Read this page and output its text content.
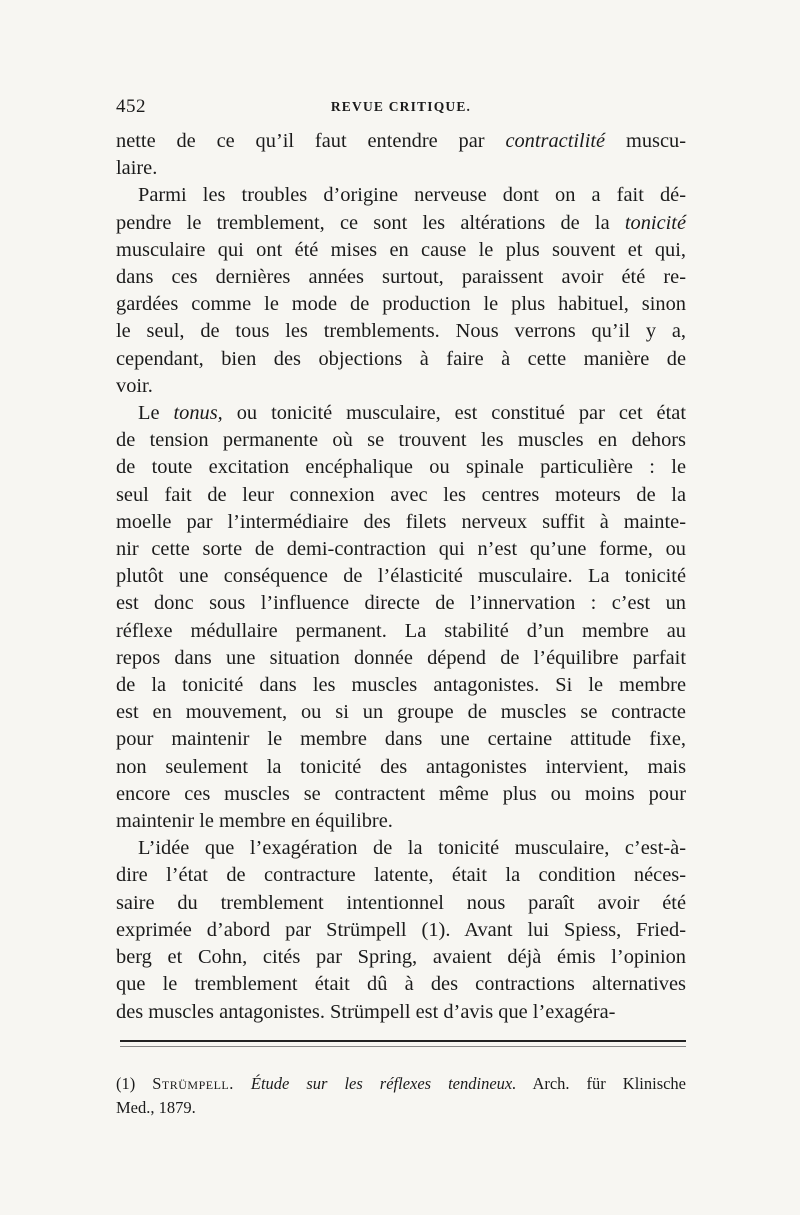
452	REVUE CRITIQUE.

nette de ce qu’il faut entendre par contractilité muscu-
laire.

Parmi les troubles d’origine nerveuse dont on a fait dé-
pendre le tremblement, ce sont les altérations de la tonicité
musculaire qui ont été mises en cause le plus souvent et qui,
dans ces dernières années surtout, paraissent avoir été re-
gardées comme le mode de production le plus habituel, sinon
le seul, de tous les tremblements. Nous verrons qu’il y a,
cependant, bien des objections à faire à cette manière de
voir.

Le tonus, ou tonicité musculaire, est constitué par cet état
de tension permanente où se trouvent les muscles en dehors
de toute excitation encéphalique ou spinale particulière : le
seul fait de leur connexion avec les centres moteurs de la
moelle par l’intermédiaire des filets nerveux suffit à mainte-
nir cette sorte de demi-contraction qui n’est qu’une forme, ou
plutôt une conséquence de l’élasticité musculaire. La tonicité
est donc sous l’influence directe de l’innervation : c’est un
réflexe médullaire permanent. La stabilité d’un membre au
repos dans une situation donnée dépend de l’équilibre parfait
de la tonicité dans les muscles antagonistes. Si le membre
est en mouvement, ou si un groupe de muscles se contracte
pour maintenir le membre dans une certaine attitude fixe,
non seulement la tonicité des antagonistes intervient, mais
encore ces muscles se contractent même plus ou moins pour
maintenir le membre en équilibre.

L’idée que l’exagération de la tonicité musculaire, c’est-à-
dire l’état de contracture latente, était la condition néces-
saire du tremblement intentionnel nous paraît avoir été
exprimée d’abord par Strümpell (1). Avant lui Spiess, Fried-
berg et Cohn, cités par Spring, avaient déjà émis l’opinion
que le tremblement était dû à des contractions alternatives
des muscles antagonistes. Strümpell est d’avis que l’exagéra-

(1) Strümpell. Étude sur les réflexes tendineux. Arch. für Klinische
Med., 1879.
